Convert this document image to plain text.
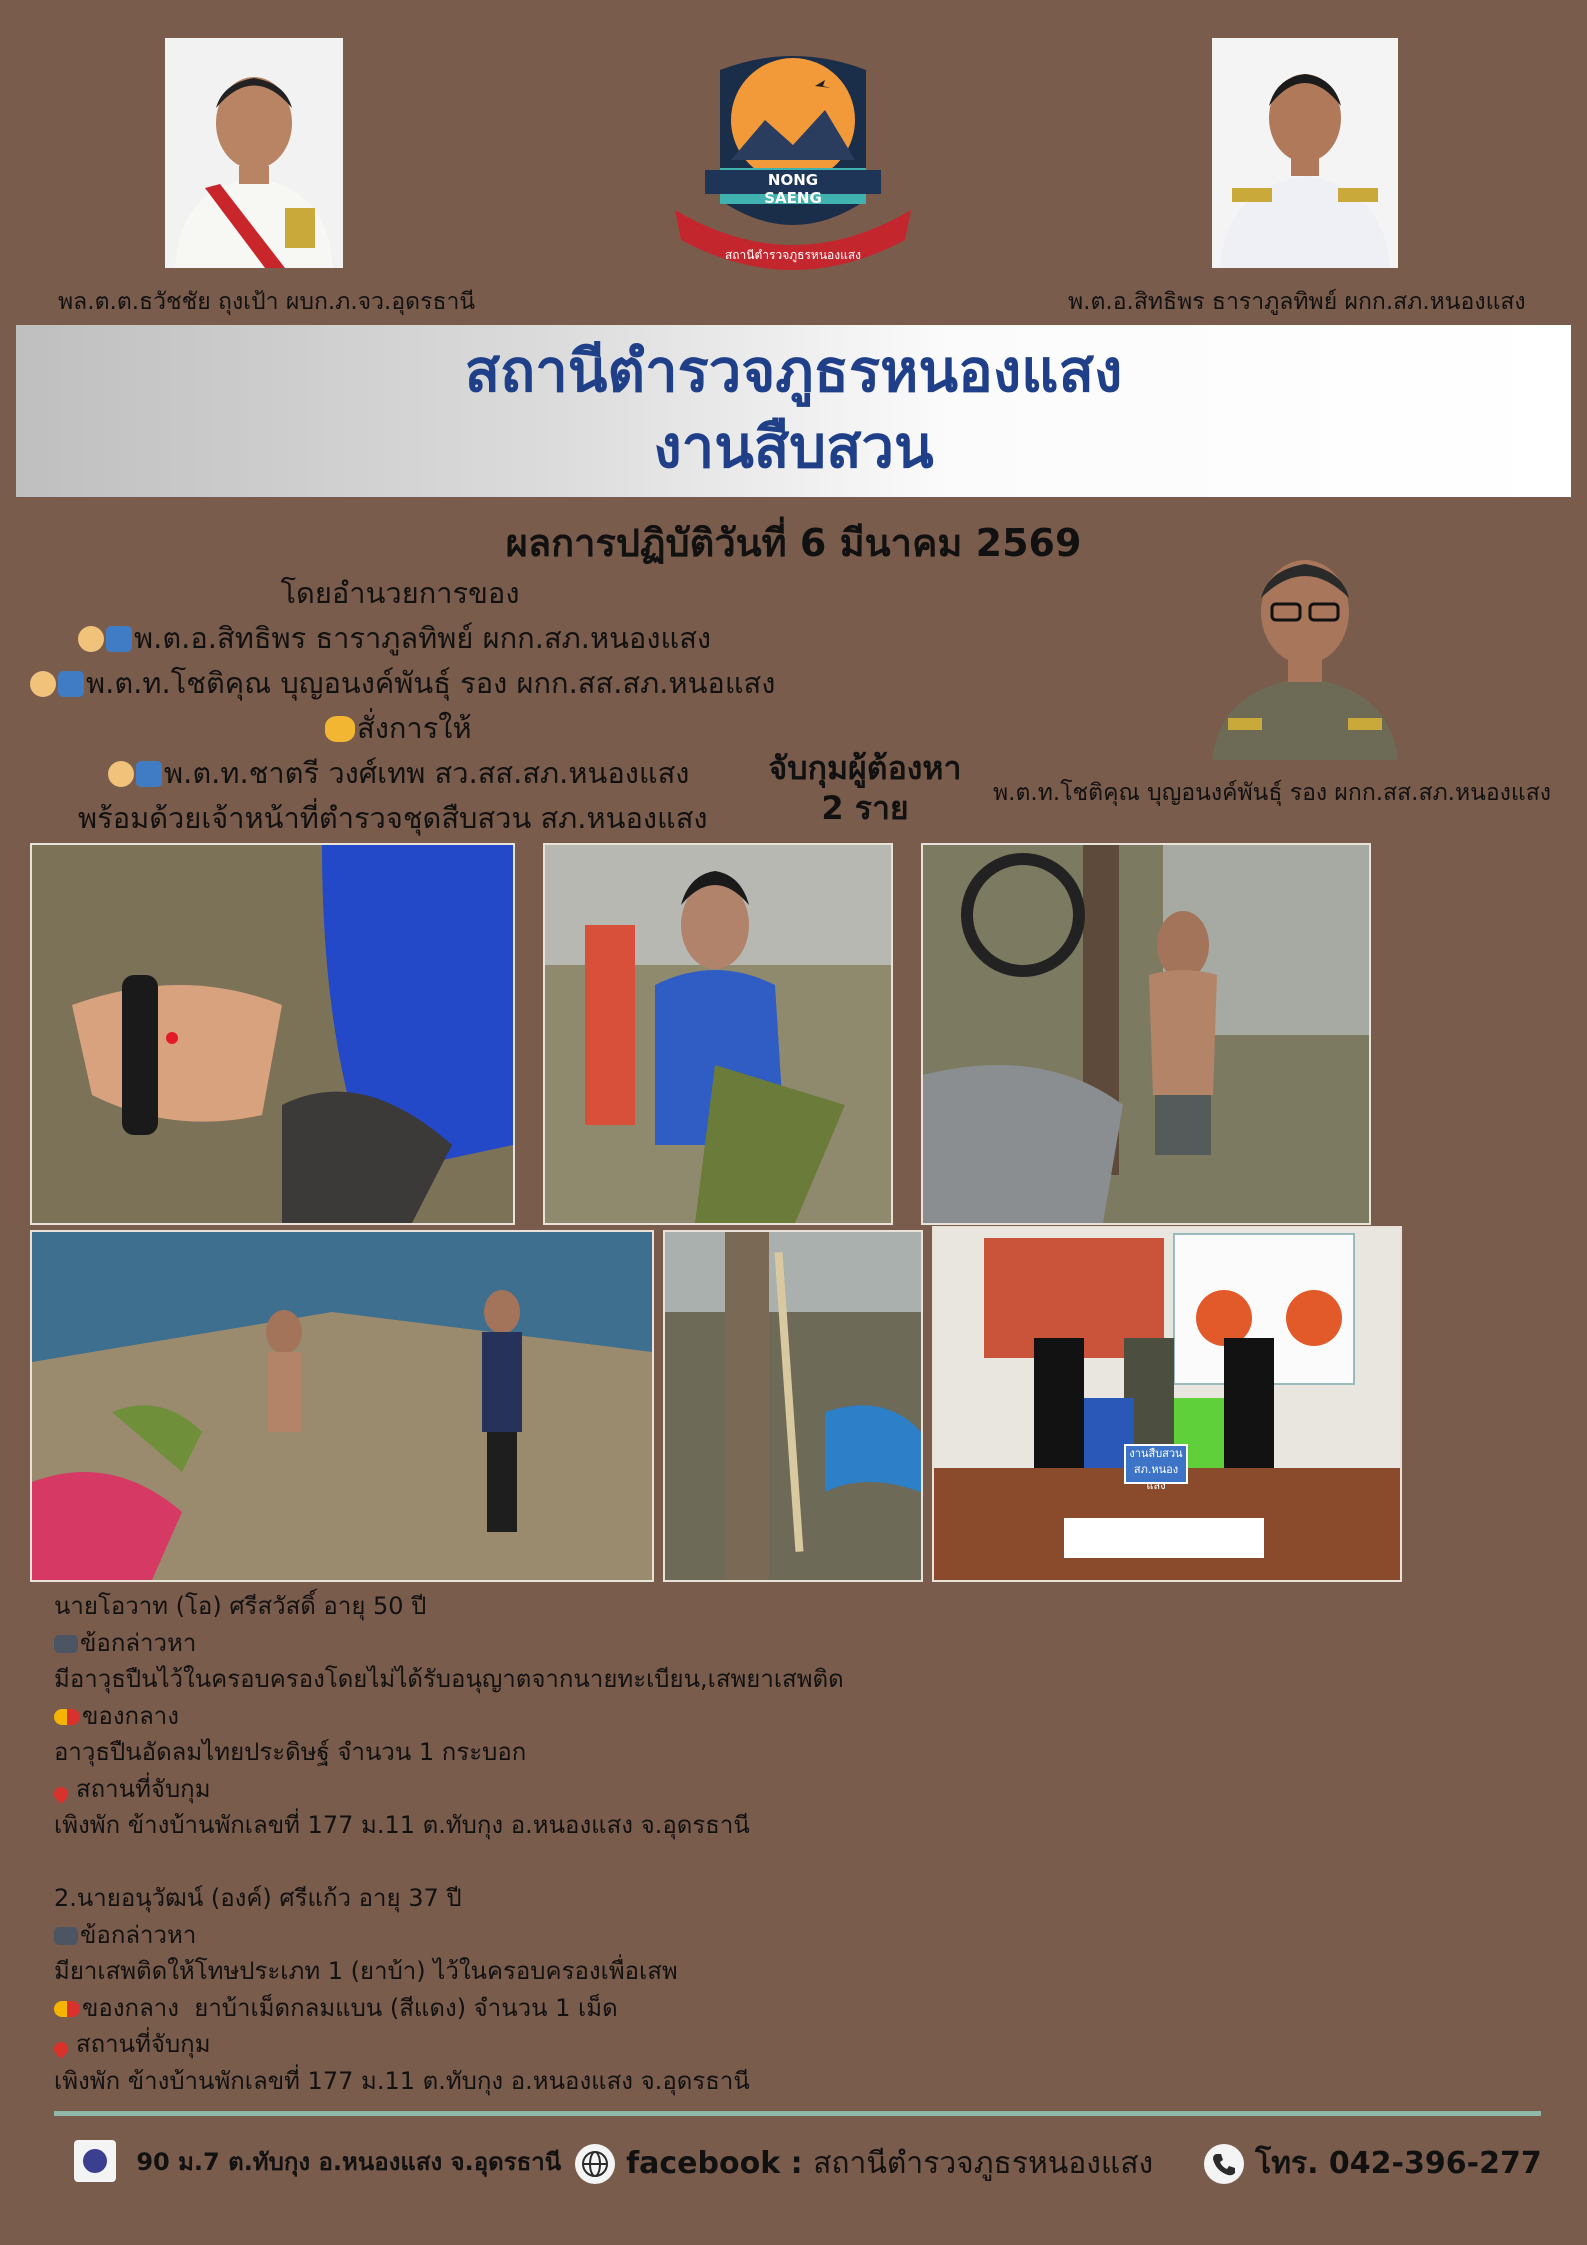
พล.ต.ต.ธวัชชัย ถุงเป้า ผบก.ภ.จว.อุดรธานี
NONG SAENG
สถานีตำรวจภูธรหนองแสง
พ.ต.อ.สิทธิพร ธาราภูลทิพย์ ผกก.สภ.หนองแสง
สถานีตำรวจภูธรหนองแสง
งานสืบสวน
ผลการปฏิบัติวันที่ 6 มีนาคม 2569
โดยอำนวยการของ
พ.ต.อ.สิทธิพร ธาราภูลทิพย์ ผกก.สภ.หนองแสง
พ.ต.ท.โชติคุณ บุญอนงค์พันธุ์ รอง ผกก.สส.สภ.หนอแสง
สั่งการให้
พ.ต.ท.ชาตรี วงศ์เทพ สว.สส.สภ.หนองแสง
พร้อมด้วยเจ้าหน้าที่ตำรวจชุดสืบสวน สภ.หนองแสง
จับกุมผู้ต้องหา
2 ราย	พ.ต.ท.โชติคุณ บุญอนงค์พันธุ์ รอง ผกก.สส.สภ.หนองแสง
งานสืบสวน
สภ.หนองแสง
นายโอวาท (โอ) ศรีสวัสดิ์ อายุ 50 ปี
ข้อกล่าวหา
มีอาวุธปืนไว้ในครอบครองโดยไม่ได้รับอนุญาตจากนายทะเบียน,เสพยาเสพติด
ของกลาง
อาวุธปืนอัดลมไทยประดิษฐ์ จำนวน 1 กระบอก
สถานที่จับกุม
เพิงพัก ข้างบ้านพักเลขที่ 177 ม.11 ต.ทับกุง อ.หนองแสง จ.อุดรธานี
2.นายอนุวัฒน์ (องค์) ศรีแก้ว อายุ 37 ปี
ข้อกล่าวหา
มียาเสพติดให้โทษประเภท 1 (ยาบ้า) ไว้ในครอบครองเพื่อเสพ
ของกลาง ยาบ้าเม็ดกลมแบน (สีแดง) จำนวน 1 เม็ด
สถานที่จับกุม
เพิงพัก ข้างบ้านพักเลขที่ 177 ม.11 ต.ทับกุง อ.หนองแสง จ.อุดรธานี
90 ม.7 ต.ทับกุง อ.หนองแสง จ.อุดรธานี	facebook : สถานีตำรวจภูธรหนองแสง	โทร. 042-396-277
